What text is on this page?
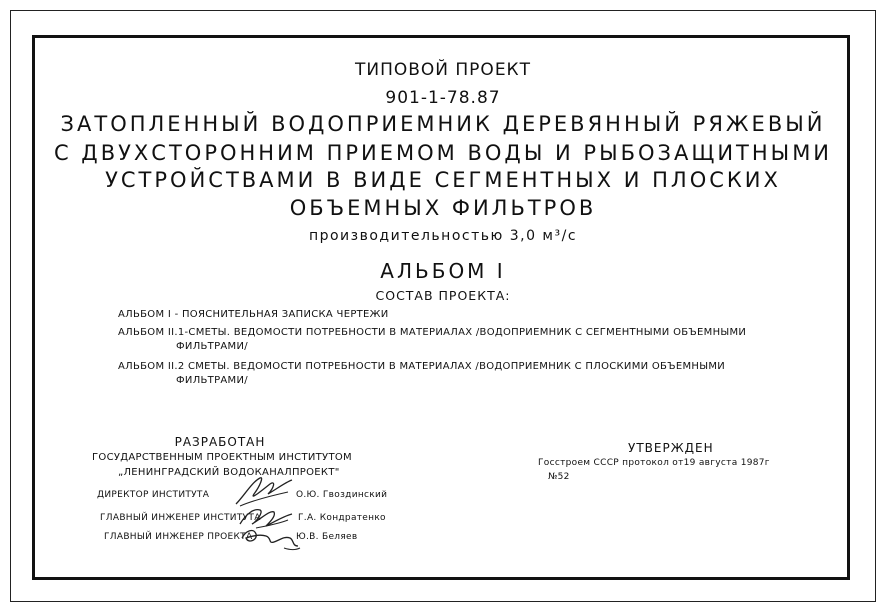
ТИПОВОЙ ПРОЕКТ
901-1-78.87
ЗАТОПЛЕННЫЙ ВОДОПРИЕМНИК ДЕРЕВЯННЫЙ РЯЖЕВЫЙ
С ДВУХСТОРОННИМ ПРИЕМОМ ВОДЫ И РЫБОЗАЩИТНЫМИ
УСТРОЙСТВАМИ В ВИДЕ СЕГМЕНТНЫХ И ПЛОСКИХ
ОБЪЕМНЫХ ФИЛЬТРОВ
производительностью 3,0 м³/с
АЛЬБОМ I
СОСТАВ ПРОЕКТА:
АЛЬБОМ I - ПОЯСНИТЕЛЬНАЯ ЗАПИСКА ЧЕРТЕЖИ
АЛЬБОМ II.1-СМЕТЫ. ВЕДОМОСТИ ПОТРЕБНОСТИ В МАТЕРИАЛАХ /ВОДОПРИЕМНИК С СЕГМЕНТНЫМИ ОБЪЕМНЫМИ
ФИЛЬТРАМИ/
АЛЬБОМ II.2 СМЕТЫ. ВЕДОМОСТИ ПОТРЕБНОСТИ В МАТЕРИАЛАХ /ВОДОПРИЕМНИК С ПЛОСКИМИ ОБЪЕМНЫМИ
ФИЛЬТРАМИ/
РАЗРАБОТАН
ГОСУДАРСТВЕННЫМ ПРОЕКТНЫМ ИНСТИТУТОМ
„ЛЕНИНГРАДСКИЙ ВОДОКАНАЛПРОЕКТ"
ДИРЕКТОР ИНСТИТУТА	О.Ю. Гвоздинский
ГЛАВНЫЙ ИНЖЕНЕР ИНСТИТУТА	Г.А. Кондратенко
ГЛАВНЫЙ ИНЖЕНЕР ПРОЕКТА	Ю.В. Беляев
УТВЕРЖДЕН
Госстроем СССР протокол от19 августа 1987г
№52
